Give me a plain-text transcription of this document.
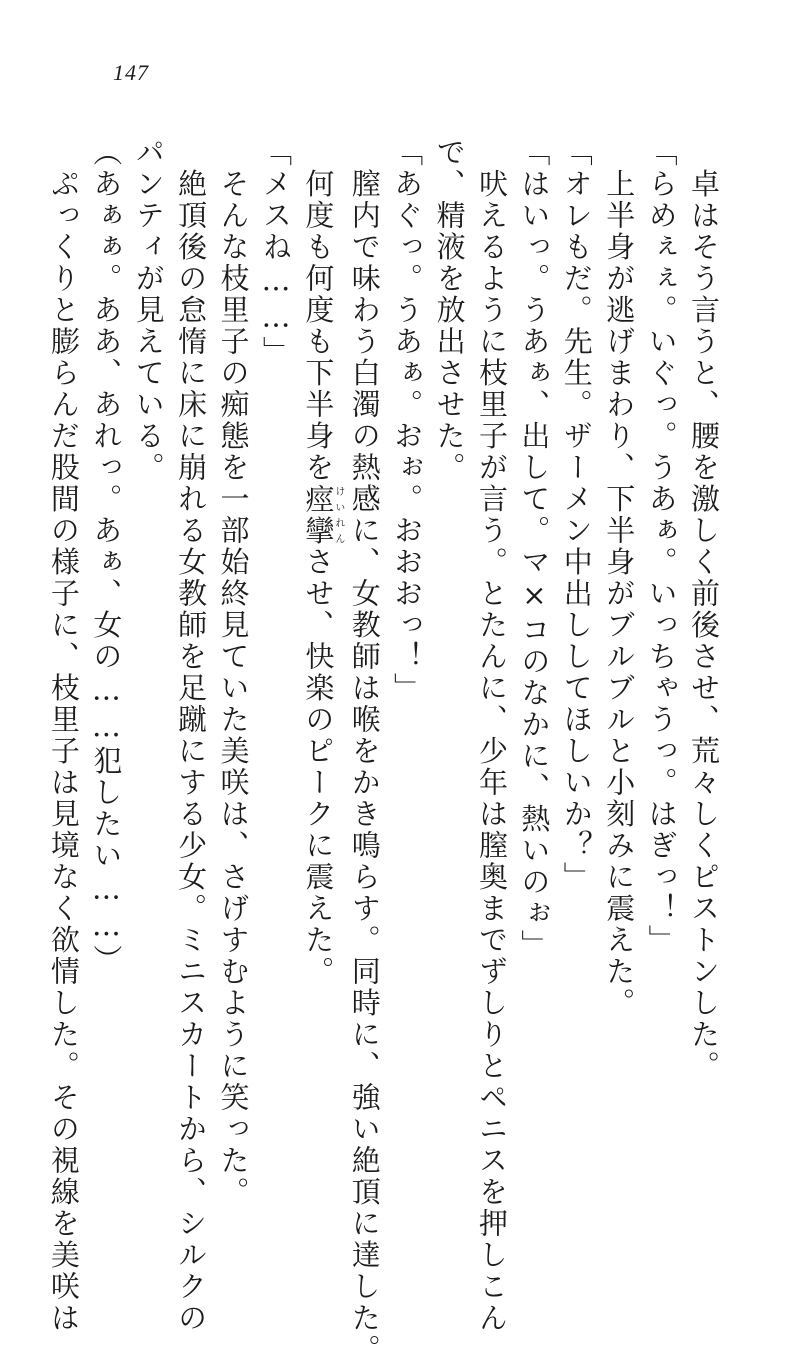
147

　卓はそう言うと、腰を激しく前後させ、荒々しくピストンした。

「らめぇぇ。いぐっ。うあぁ。いっちゃうっ。はぎっ！」

　上半身が逃げまわり、下半身がブルブルと小刻みに震えた。

「オレもだ。先生。ザーメン中出ししてほしいか？」

「はいっ。うあぁ、出して。マ×コのなかに、熱いのぉ」

　吠えるように枝里子が言う。とたんに、少年は膣奥までずしりとペニスを押しこん

で、精液を放出させた。

「あぐっ。うあぁ。おぉ。おおおっ！」

　膣内で味わう白濁の熱感に、女教師は喉をかき鳴らす。同時に、強い絶頂に達した。

　何度も何度も下半身を痙攣けいれんさせ、快楽のピークに震えた。

「メスね……」

　そんな枝里子の痴態を一部始終見ていた美咲は、さげすむように笑った。

　絶頂後の怠惰に床に崩れる女教師を足蹴にする少女。ミニスカートから、シルクの

パンティが見えている。

（あぁぁ。ああ、あれっ。あぁ、女の……犯したい……）

　ぷっくりと膨らんだ股間の様子に、枝里子は見境なく欲情した。その視線を美咲は
